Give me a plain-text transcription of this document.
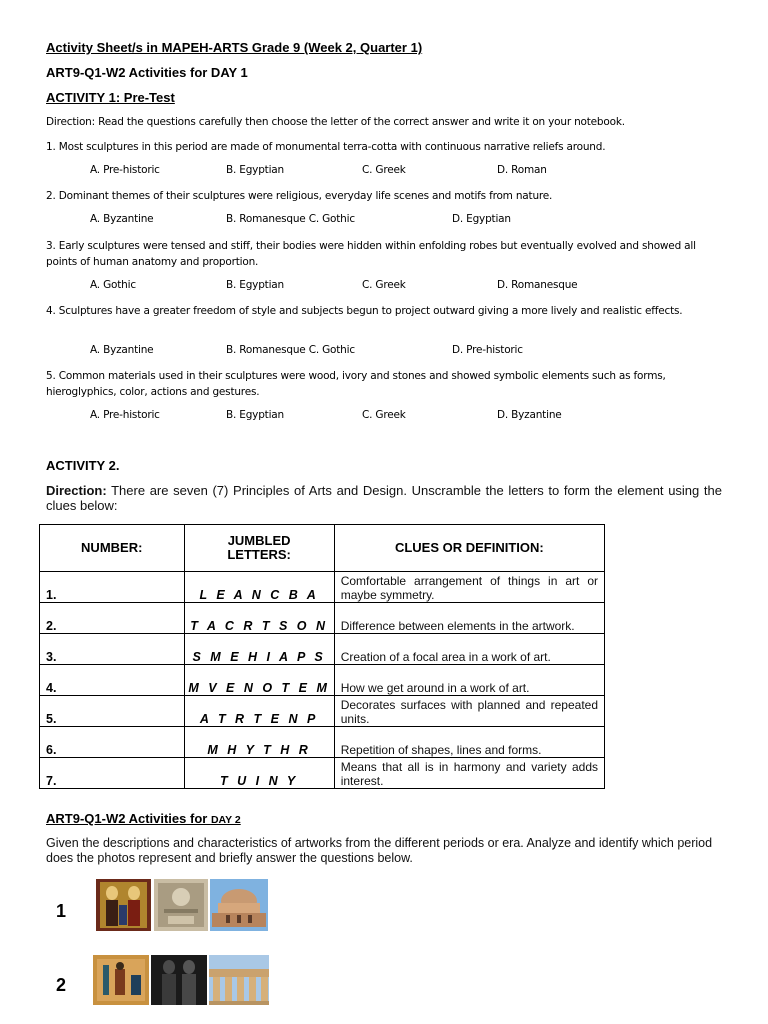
Activity Sheet/s in MAPEH-ARTS Grade 9 (Week 2, Quarter 1)
ART9-Q1-W2 Activities for DAY 1
ACTIVITY 1: Pre-Test
Direction: Read the questions carefully then choose the letter of the correct answer and write it on your notebook.
1. Most sculptures in this period are made of monumental terra-cotta with continuous narrative reliefs around.
A. Pre-historic	B. Egyptian	C. Greek	D. Roman
2. Dominant themes of their sculptures were religious, everyday life scenes and motifs from nature.
A. Byzantine	B. Romanesque C. Gothic	D. Egyptian
3. Early sculptures were tensed and stiff, their bodies were hidden within enfolding robes but eventually evolved and showed all points of human anatomy and proportion.
A. Gothic	B. Egyptian	C. Greek	D. Romanesque
4. Sculptures have a greater freedom of style and subjects begun to project outward giving a more lively and realistic effects.
A. Byzantine	B. Romanesque C. Gothic	D. Pre-historic
5. Common materials used in their sculptures were wood, ivory and stones and showed symbolic elements such as forms, hieroglyphics, color, actions and gestures.
A. Pre-historic	B. Egyptian	C. Greek	D. Byzantine
ACTIVITY 2.
Direction: There are seven (7) Principles of Arts and Design. Unscramble the letters to form the element using the clues below:
NUMBER:	JUMBLED LETTERS:	CLUES OR DEFINITION:
1.	L E A N C B A	Comfortable arrangement of things in art or maybe symmetry.
2.	T A C R T S O N	Difference between elements in the artwork.
3.	S M E H I A P S	Creation of a focal area in a work of art.
4.	M V E N O T E M	How we get around in a work of art.
5.	A T R T E N P	Decorates surfaces with planned and repeated units.
6.	M H Y T H R	Repetition of shapes, lines and forms.
7.	T U I N Y	Means that all is in harmony and variety adds interest.
ART9-Q1-W2 Activities for DAY 2
Given the descriptions and characteristics of artworks from the different periods or era. Analyze and identify which period does the photos represent and briefly answer the questions below.
1
2
